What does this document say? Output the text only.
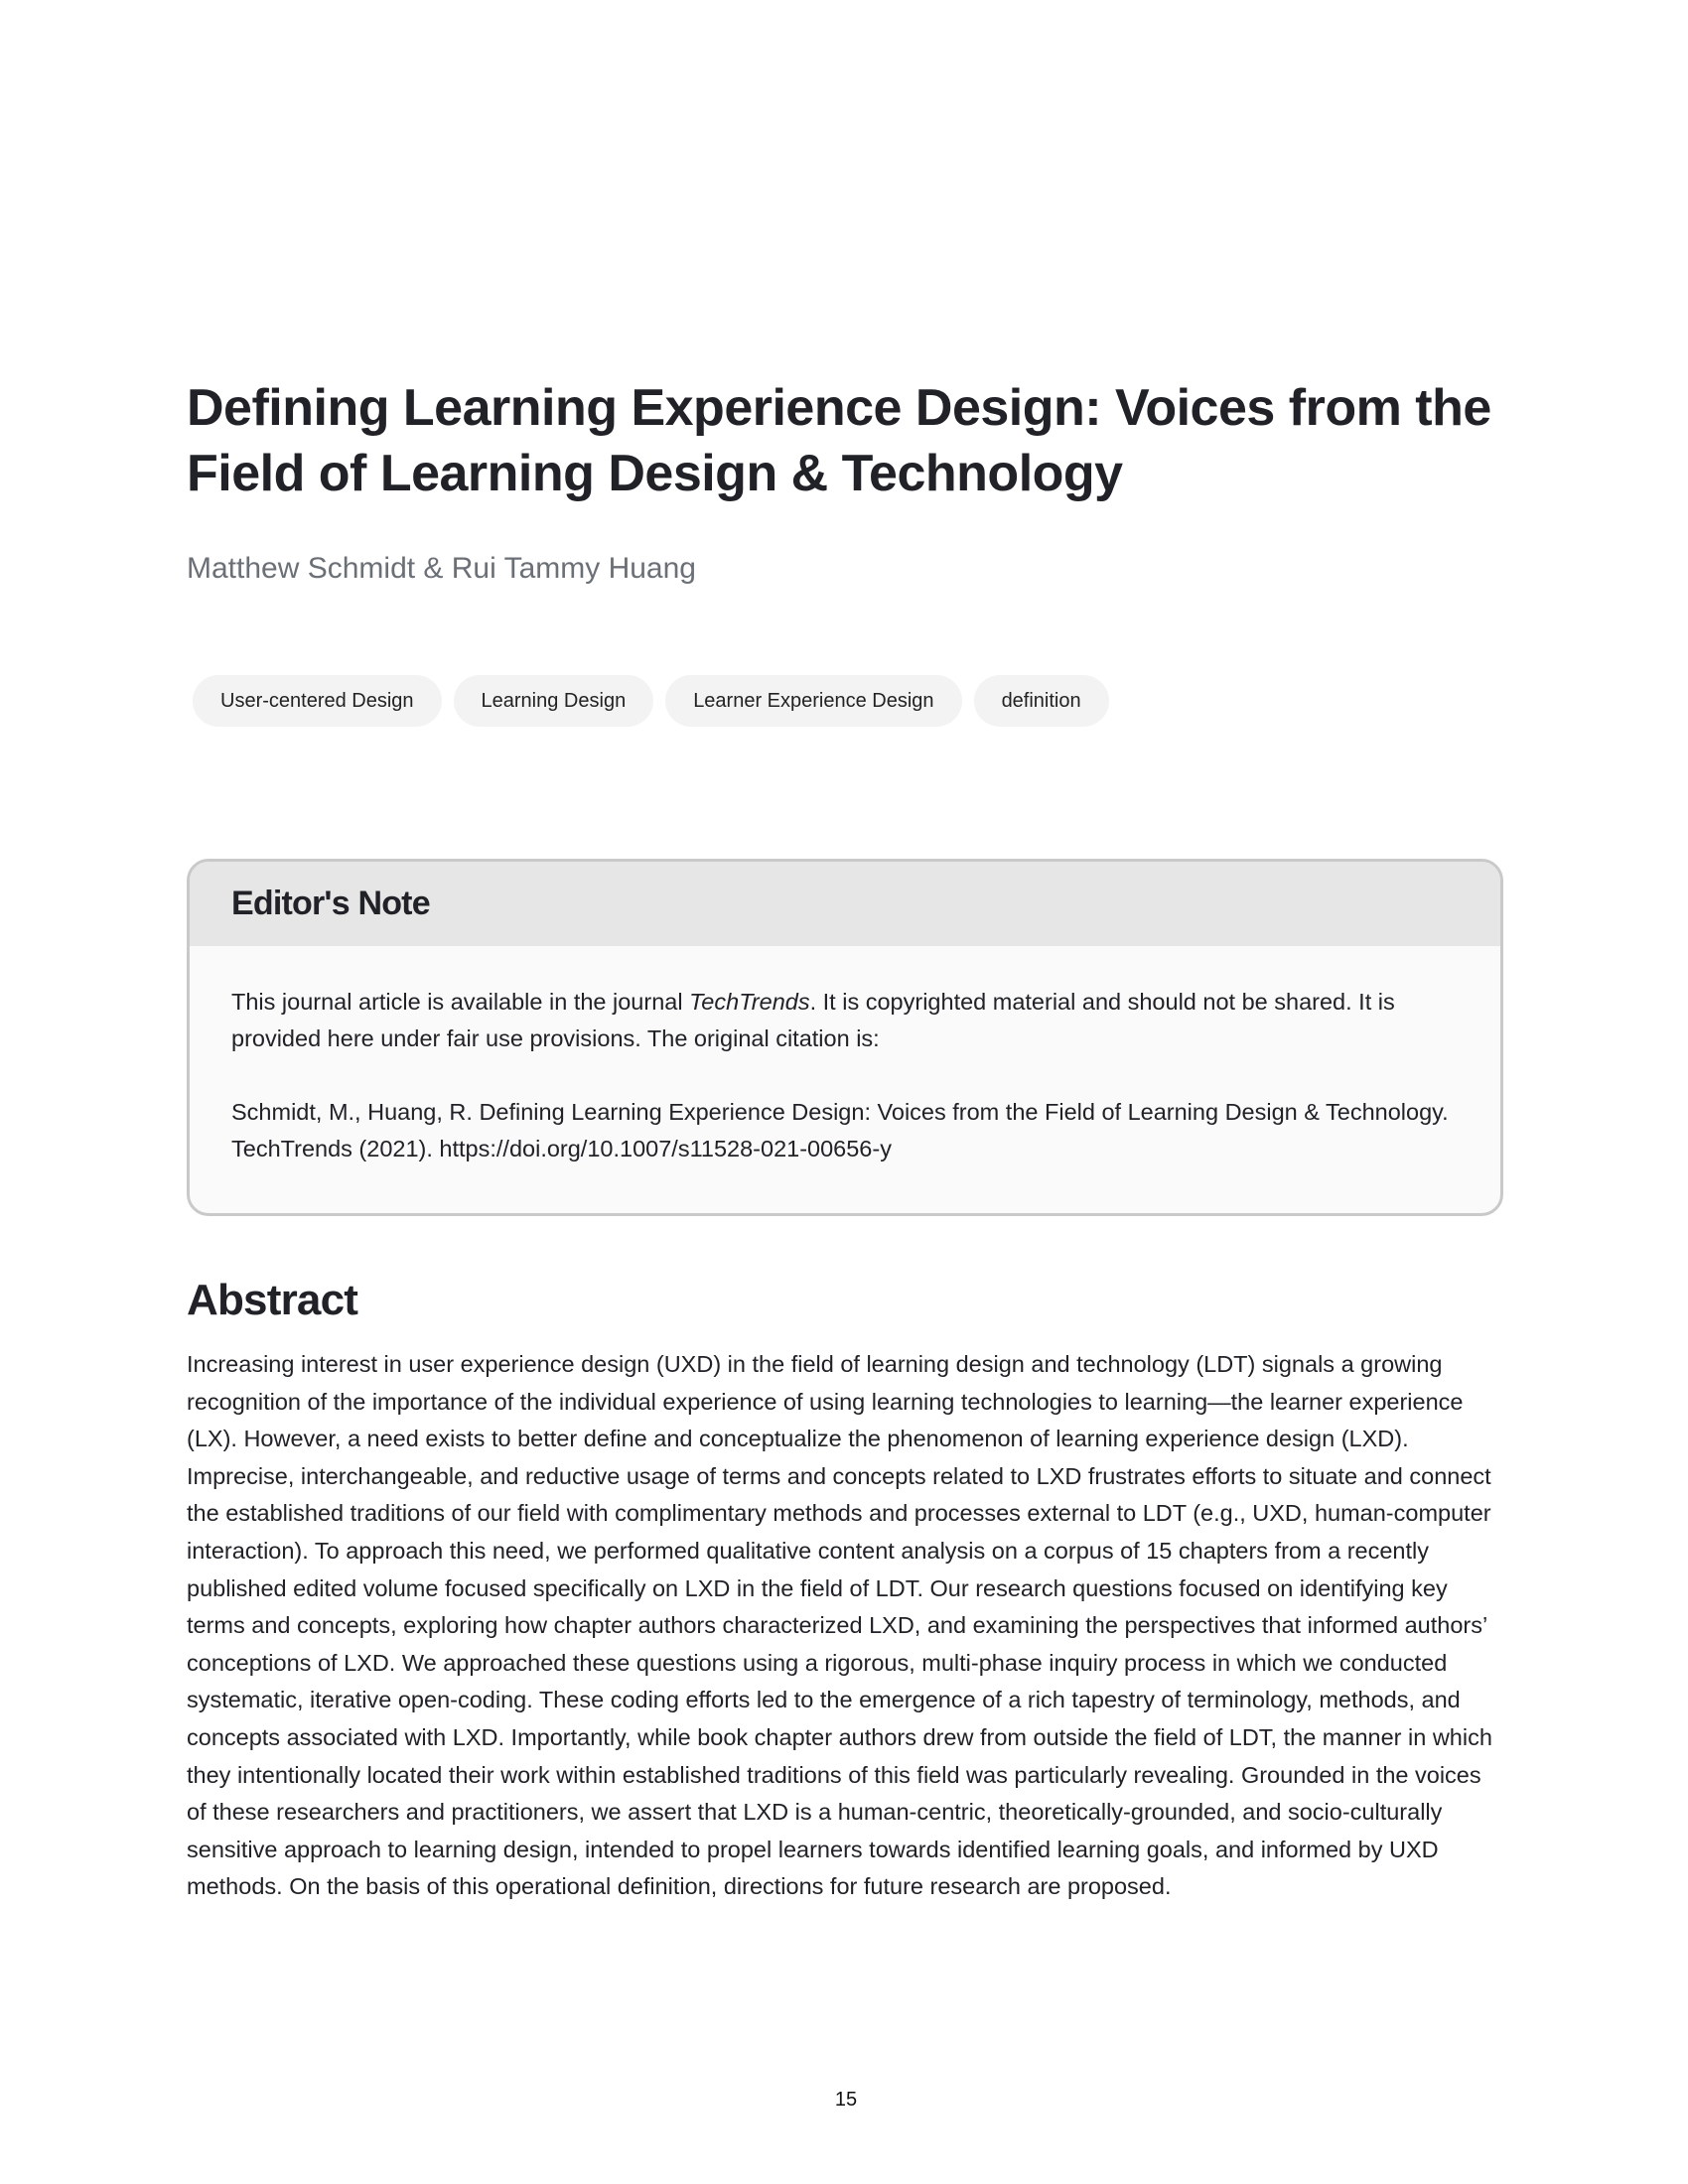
Defining Learning Experience Design: Voices from the Field of Learning Design & Technology
Matthew Schmidt & Rui Tammy Huang
User-centered Design	Learning Design	Learner Experience Design	definition
Editor's Note

This journal article is available in the journal TechTrends. It is copyrighted material and should not be shared. It is provided here under fair use provisions. The original citation is:

Schmidt, M., Huang, R. Defining Learning Experience Design: Voices from the Field of Learning Design & Technology. TechTrends (2021). https://doi.org/10.1007/s11528-021-00656-y

Abstract

Increasing interest in user experience design (UXD) in the field of learning design and technology (LDT) signals a growing recognition of the importance of the individual experience of using learning technologies to learning—the learner experience (LX). However, a need exists to better define and conceptualize the phenomenon of learning experience design (LXD). Imprecise, interchangeable, and reductive usage of terms and concepts related to LXD frustrates efforts to situate and connect the established traditions of our field with complimentary methods and processes external to LDT (e.g., UXD, human-computer interaction). To approach this need, we performed qualitative content analysis on a corpus of 15 chapters from a recently published edited volume focused specifically on LXD in the field of LDT. Our research questions focused on identifying key terms and concepts, exploring how chapter authors characterized LXD, and examining the perspectives that informed authors’ conceptions of LXD. We approached these questions using a rigorous, multi-phase inquiry process in which we conducted systematic, iterative open-coding. These coding efforts led to the emergence of a rich tapestry of terminology, methods, and concepts associated with LXD. Importantly, while book chapter authors drew from outside the field of LDT, the manner in which they intentionally located their work within established traditions of this field was particularly revealing. Grounded in the voices of these researchers and practitioners, we assert that LXD is a human-centric, theoretically-grounded, and socio-culturally sensitive approach to learning design, intended to propel learners towards identified learning goals, and informed by UXD methods. On the basis of this operational definition, directions for future research are proposed.

15
